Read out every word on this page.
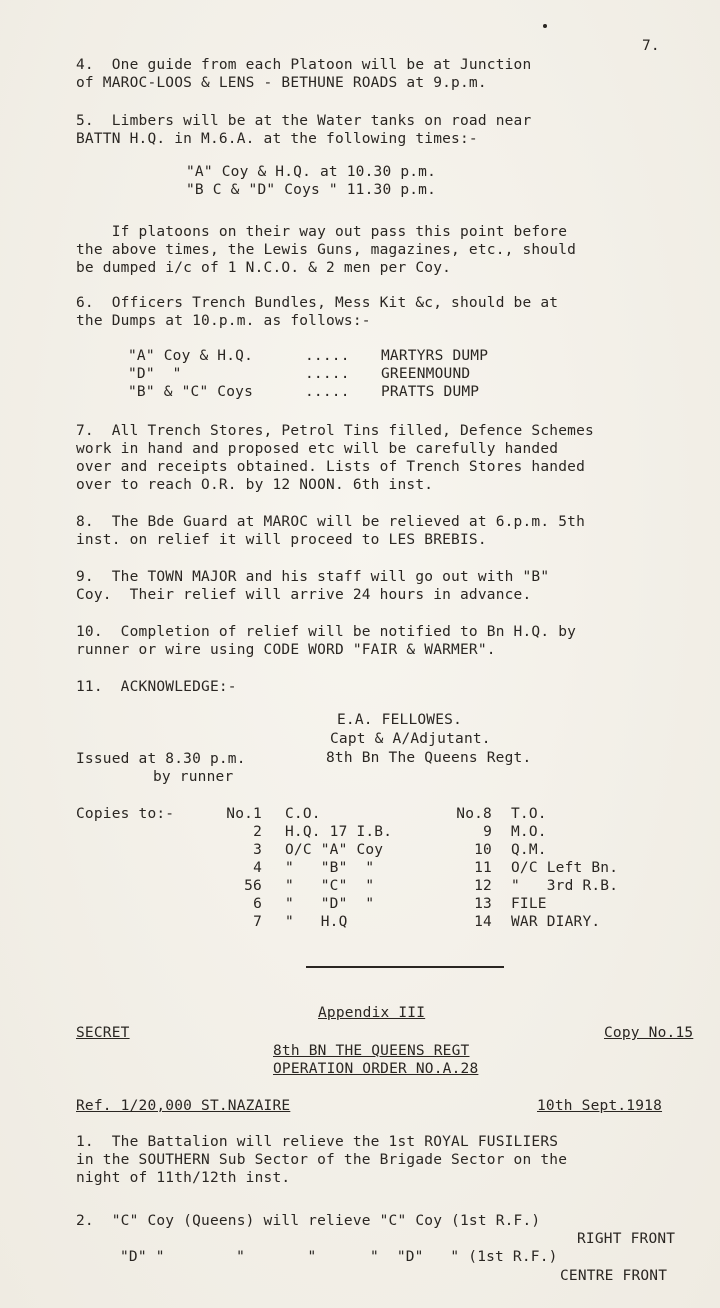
7.
4.  One guide from each Platoon will be at Junction
of MAROC-LOOS & LENS - BETHUNE ROADS at 9.p.m.
5.  Limbers will be at the Water tanks on road near
BATTN H.Q. in M.6.A. at the following times:-
"A" Coy & H.Q. at 10.30 p.m.
"B C & "D" Coys " 11.30 p.m.
If platoons on their way out pass this point before
the above times, the Lewis Guns, magazines, etc., should
be dumped i/c of 1 N.C.O. & 2 men per Coy.
6.  Officers Trench Bundles, Mess Kit &c, should be at
the Dumps at 10.p.m. as follows:-
"A" Coy & H.Q.	..... MARTYRS DUMP
"D"  "	..... GREENMOUND
"B" & "C" Coys	..... PRATTS DUMP
7.  All Trench Stores, Petrol Tins filled, Defence Schemes
work in hand and proposed etc will be carefully handed
over and receipts obtained. Lists of Trench Stores handed
over to reach O.R. by 12 NOON. 6th inst.
8.  The Bde Guard at MAROC will be relieved at 6.p.m. 5th
inst. on relief it will proceed to LES BREBIS.
9.  The TOWN MAJOR and his staff will go out with "B"
Coy.  Their relief will arrive 24 hours in advance.
10.  Completion of relief will be notified to Bn H.Q. by
runner or wire using CODE WORD "FAIR & WARMER".
11.  ACKNOWLEDGE:-
E.A. FELLOWES.
Capt & A/Adjutant.
8th Bn The Queens Regt.
Issued at 8.30 p.m.
by runner
Copies to:-	No.1 C.O.
2 H.Q. 17 I.B.
3 O/C "A" Coy
4 "   "B"  "
56 "   "C"  "
6 "   "D"  "
7 "   H.Q
No.8 T.O.
9 M.O.
10 Q.M.
11 O/C Left Bn.
12 "   3rd R.B.
13 FILE
14 WAR DIARY.
Appendix III
SECRET	Copy No.15
8th BN THE QUEENS REGT
OPERATION ORDER NO.A.28
Ref. 1/20,000 ST.NAZAIRE	10th Sept.1918
1.  The Battalion will relieve the 1st ROYAL FUSILIERS
in the SOUTHERN Sub Sector of the Brigade Sector on the
night of 11th/12th inst.
2.  "C" Coy (Queens) will relieve "C" Coy (1st R.F.)
RIGHT FRONT
"D" "        "       "      "  "D"   " (1st R.F.)
CENTRE FRONT
